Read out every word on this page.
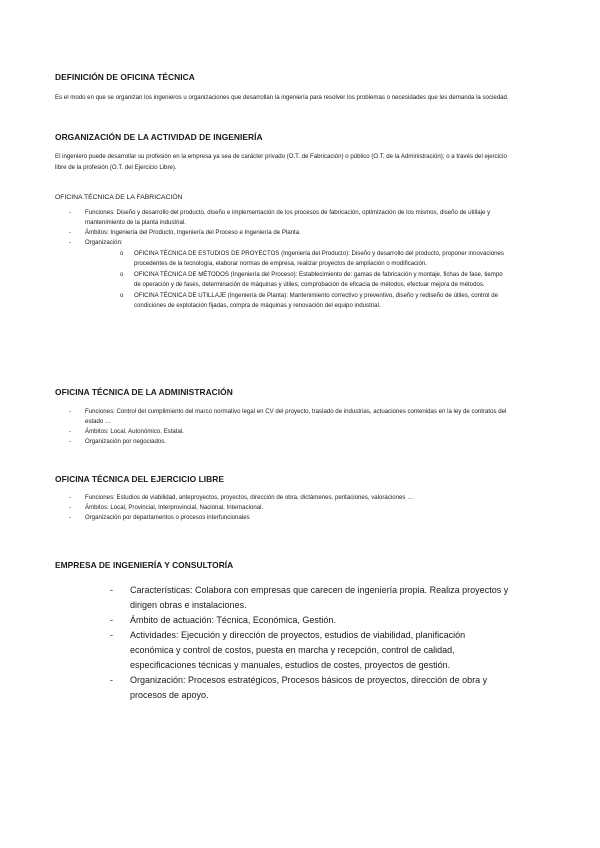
DEFINICIÓN DE OFICINA TÉCNICA

Es el modo en que se organizan los ingenieros u organizaciones que desarrollan la ingeniería para resolver los problemas o necesidades que les demanda la sociedad.

ORGANIZACIÓN DE LA ACTIVIDAD DE INGENIERÍA

El ingeniero puede desarrollar su profesión en la empresa ya sea de carácter privado (O.T. de Fabricación) o público (O.T. de la Administración); o a través del ejercicio libre de la profesión (O.T. del Ejercicio Libre).

OFICINA TÉCNICA DE LA FABRICACIÓN
- Funciones: Diseño y desarrollo del producto, diseño e implementación de los procesos de fabricación, optimización de los mismos, diseño de utillaje y mantenimiento de la planta industrial.
- Ámbitos: Ingeniería del Producto, Ingeniería del Proceso e Ingeniería de Planta.
- Organización:
o OFICINA TÉCNICA DE ESTUDIOS DE PROYECTOS (Ingeniería del Producto): Diseño y desarrollo del producto, proponer innovaciones procedentes de la tecnología, elaborar normas de empresa, realizar proyectos de ampliación o modificación.
o OFICINA TÉCNICA DE MÉTODOS (Ingeniería del Proceso): Establecimiento de: gamas de fabricación y montaje, fichas de fase, tiempo de operación y de fases, determinación de máquinas y útiles, comprobación de eficacia de métodos, efectuar mejora de métodos.
o OFICINA TÉCNICA DE UTILLAJE (Ingeniería de Planta): Mantenimiento correctivo y preventivo, diseño y rediseño de útiles, control de condiciones de explotación fijadas, compra de máquinas y renovación del equipo industrial.
OFICINA TÉCNICA DE LA ADMINISTRACIÓN
- Funciones: Control del cumplimiento del marco normativo legal en CV del proyecto, traslado de industrias, actuaciones contenidas en la ley de contratos del estado …
- Ámbitos: Local, Autonómico, Estatal.
- Organización por negociados.
OFICINA TÉCNICA DEL EJERCICIO LIBRE
- Funciones: Estudios de viabilidad, anteproyectos, proyectos, dirección de obra, dictámenes, peritaciones, valoraciones …
- Ámbitos: Local, Provincial, Interprovincial, Nacional, Internacional.
- Organización por departamentos o procesos interfuncionales
EMPRESA DE INGENIERÍA Y CONSULTORÍA
- Características: Colabora con empresas que carecen de ingeniería propia. Realiza proyectos y dirigen obras e instalaciones.
- Ámbito de actuación: Técnica, Económica, Gestión.
- Actividades: Ejecución y dirección de proyectos, estudios de viabilidad, planificación económica y control de costos, puesta en marcha y recepción, control de calidad, especificaciones técnicas y manuales, estudios de costes, proyectos de gestión.
- Organización: Procesos estratégicos, Procesos básicos de proyectos, dirección de obra y procesos de apoyo.
